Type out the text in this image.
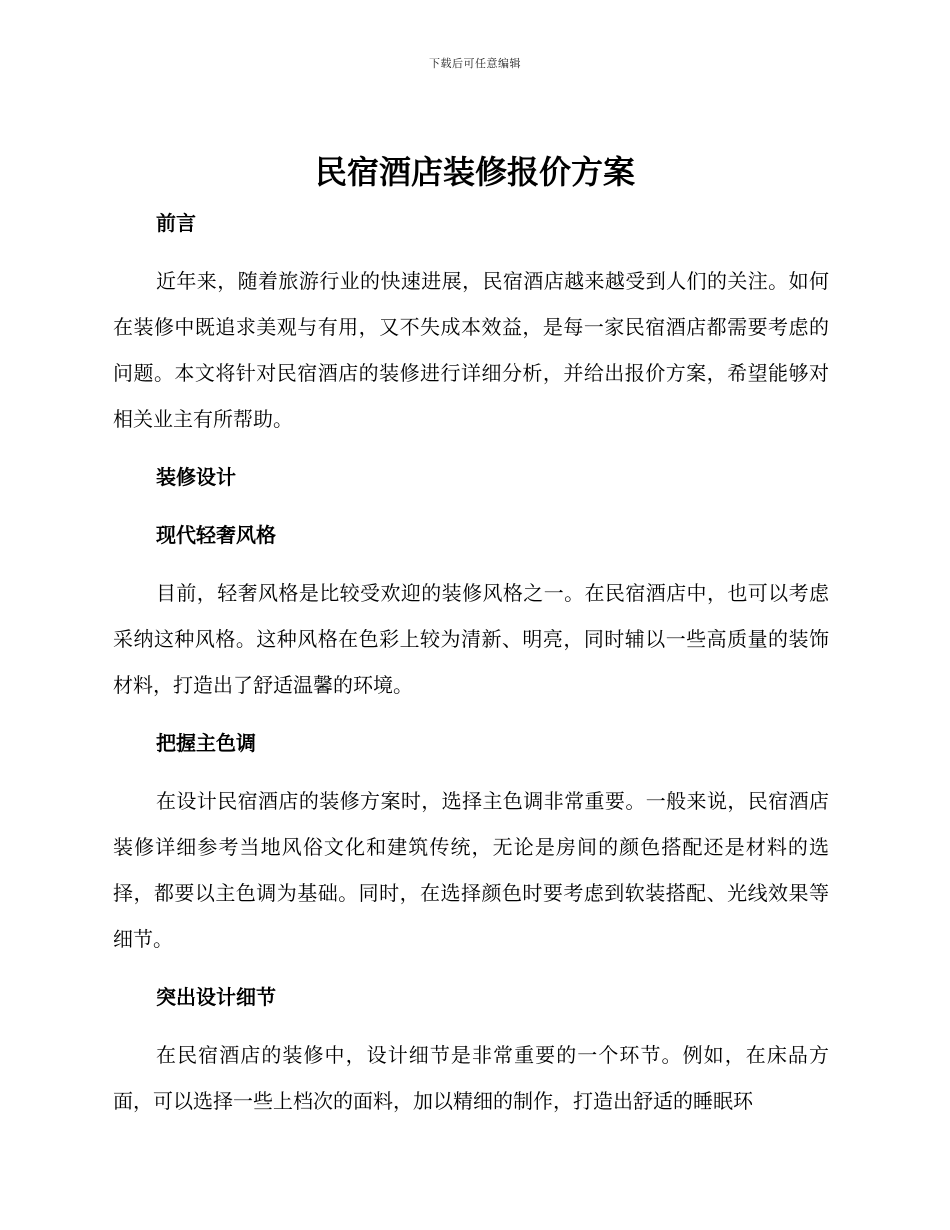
下载后可任意编辑
民宿酒店装修报价方案
前言

近年来，随着旅游行业的快速进展，民宿酒店越来越受到人们的关注。如何在装修中既追求美观与有用，又不失成本效益，是每一家民宿酒店都需要考虑的问题。本文将针对民宿酒店的装修进行详细分析，并给出报价方案，希望能够对相关业主有所帮助。

装修设计
现代轻奢风格

目前，轻奢风格是比较受欢迎的装修风格之一。在民宿酒店中，也可以考虑采纳这种风格。这种风格在色彩上较为清新、明亮，同时辅以一些高质量的装饰材料，打造出了舒适温馨的环境。

把握主色调

在设计民宿酒店的装修方案时，选择主色调非常重要。一般来说，民宿酒店装修详细参考当地风俗文化和建筑传统，无论是房间的颜色搭配还是材料的选择，都要以主色调为基础。同时，在选择颜色时要考虑到软装搭配、光线效果等细节。

突出设计细节

在民宿酒店的装修中，设计细节是非常重要的一个环节。例如，在床品方面，可以选择一些上档次的面料，加以精细的制作，打造出舒适的睡眠环
